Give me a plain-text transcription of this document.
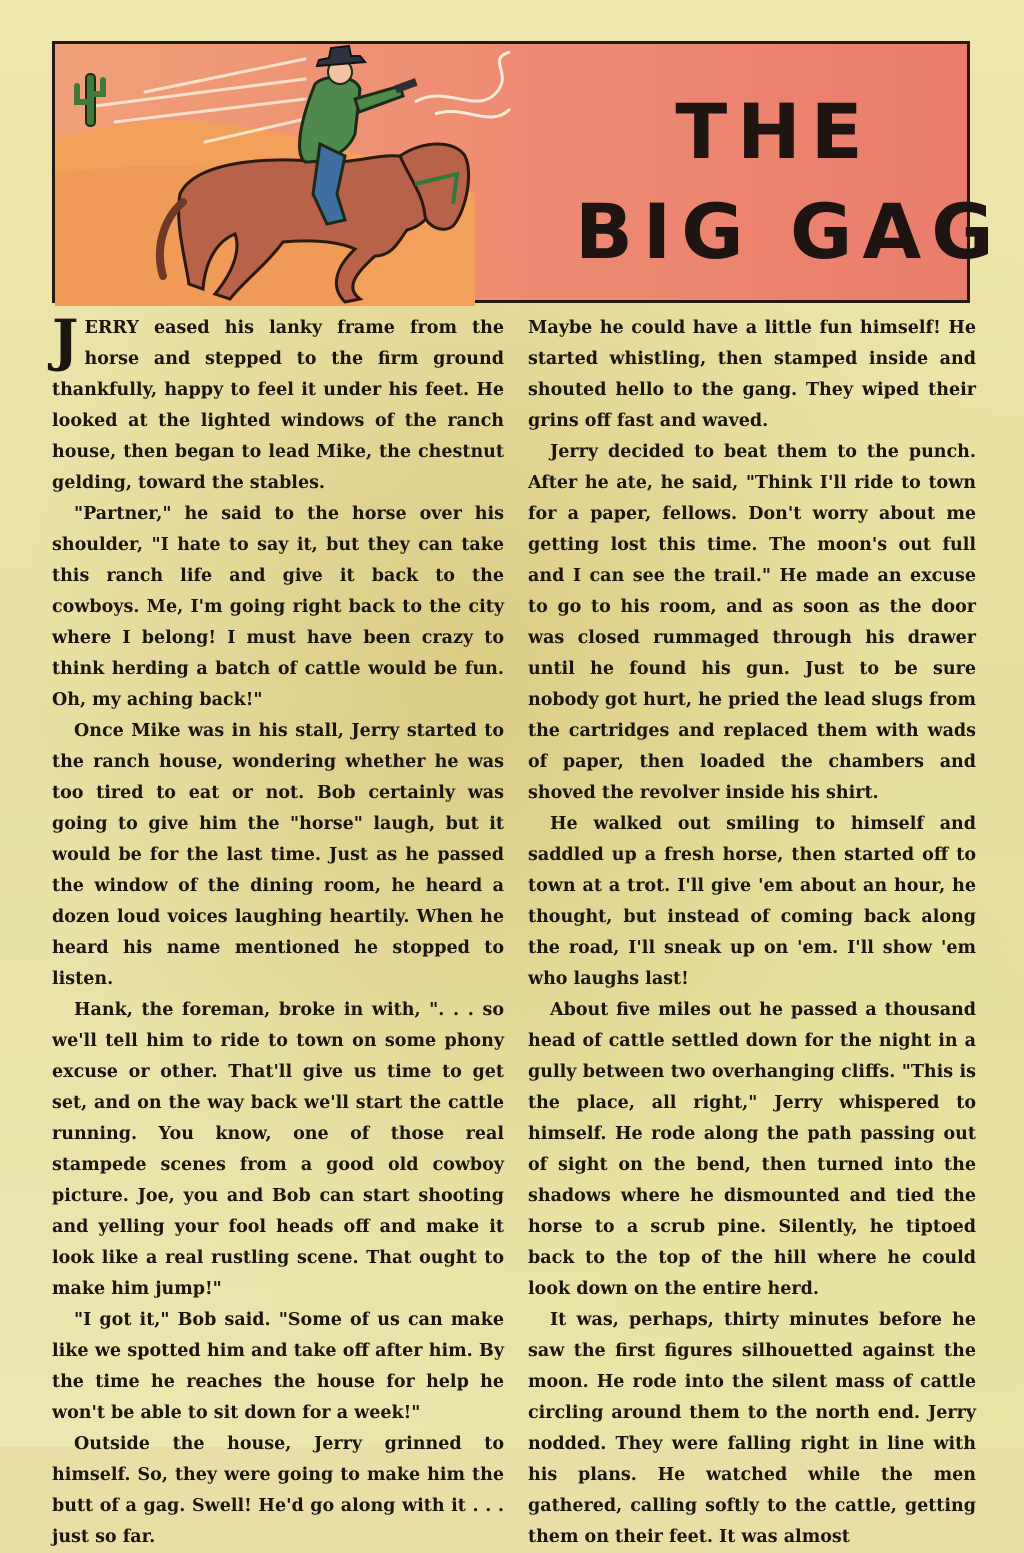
THE
BIG GAG

JERRY eased his lanky frame from the horse and stepped to the firm ground thankfully, happy to feel it under his feet. He looked at the lighted windows of the ranch house, then began to lead Mike, the chestnut gelding, toward the stables.

"Partner," he said to the horse over his shoulder, "I hate to say it, but they can take this ranch life and give it back to the cowboys. Me, I'm going right back to the city where I belong! I must have been crazy to think herding a batch of cattle would be fun. Oh, my aching back!"

Once Mike was in his stall, Jerry started to the ranch house, wondering whether he was too tired to eat or not. Bob certainly was going to give him the "horse" laugh, but it would be for the last time. Just as he passed the window of the dining room, he heard a dozen loud voices laughing heartily. When he heard his name mentioned he stopped to listen.

Hank, the foreman, broke in with, ". . . so we'll tell him to ride to town on some phony excuse or other. That'll give us time to get set, and on the way back we'll start the cattle running. You know, one of those real stampede scenes from a good old cowboy picture. Joe, you and Bob can start shooting and yelling your fool heads off and make it look like a real rustling scene. That ought to make him jump!"

"I got it," Bob said. "Some of us can make like we spotted him and take off after him. By the time he reaches the house for help he won't be able to sit down for a week!"

Outside the house, Jerry grinned to himself. So, they were going to make him the butt of a gag. Swell! He'd go along with it . . . just so far.

Maybe he could have a little fun himself! He started whistling, then stamped inside and shouted hello to the gang. They wiped their grins off fast and waved.

Jerry decided to beat them to the punch. After he ate, he said, "Think I'll ride to town for a paper, fellows. Don't worry about me getting lost this time. The moon's out full and I can see the trail." He made an excuse to go to his room, and as soon as the door was closed rummaged through his drawer until he found his gun. Just to be sure nobody got hurt, he pried the lead slugs from the cartridges and replaced them with wads of paper, then loaded the chambers and shoved the revolver inside his shirt.

He walked out smiling to himself and saddled up a fresh horse, then started off to town at a trot. I'll give 'em about an hour, he thought, but instead of coming back along the road, I'll sneak up on 'em. I'll show 'em who laughs last!

About five miles out he passed a thousand head of cattle settled down for the night in a gully between two overhanging cliffs. "This is the place, all right," Jerry whispered to himself. He rode along the path passing out of sight on the bend, then turned into the shadows where he dismounted and tied the horse to a scrub pine. Silently, he tiptoed back to the top of the hill where he could look down on the entire herd.

It was, perhaps, thirty minutes before he saw the first figures silhouetted against the moon. He rode into the silent mass of cattle circling around them to the north end. Jerry nodded. They were falling right in line with his plans. He watched while the men gathered, calling softly to the cattle, getting them on their feet. It was almost
